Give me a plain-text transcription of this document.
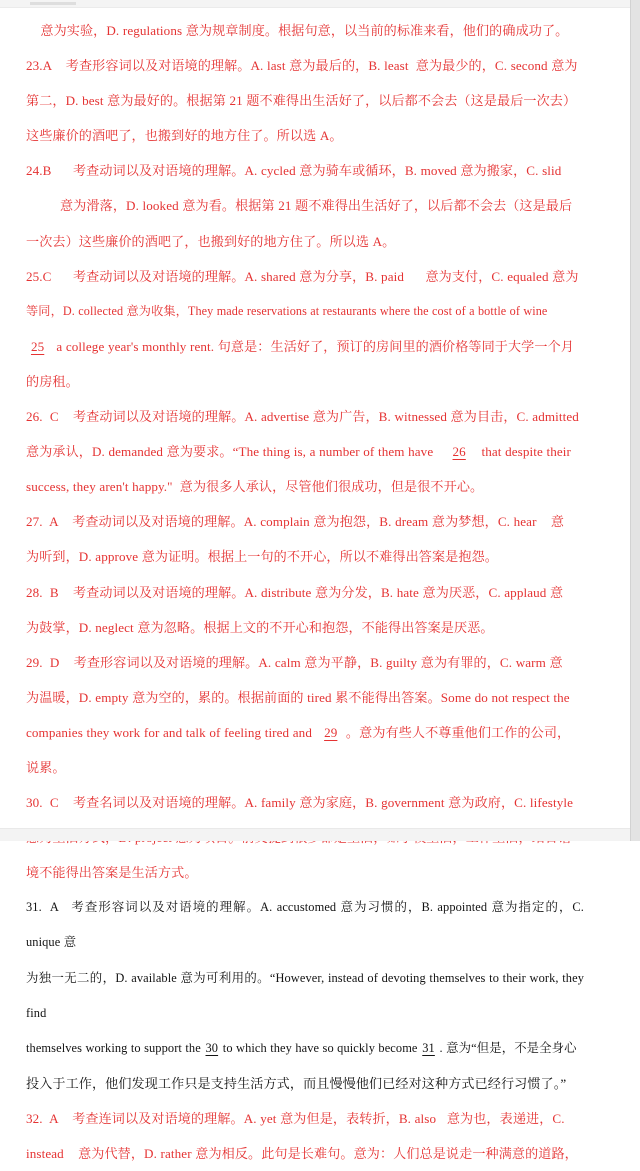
意为实验，D. regulations 意为规章制度。根据句意，以当前的标准来看，他们的确成功了。

23.A    考查形容词以及对语境的理解。A. last 意为最后的，B. least  意为最少的，C. second 意为

第二，D. best 意为最好的。根据第 21 题不难得出生活好了，以后都不会去（这是最后一次去）

这些廉价的酒吧了，也搬到好的地方住了。所以选 A。

24.B      考查动词以及对语境的理解。A. cycled 意为骑车或循环，B. moved 意为搬家，C. slid

意为滑落，D. looked 意为看。根据第 21 题不难得出生活好了，以后都不会去（这是最后

一次去）这些廉价的酒吧了，也搬到好的地方住了。所以选 A。

25.C      考查动词以及对语境的理解。A. shared 意为分享，B. paid      意为支付，C. equaled 意为

等同，D. collected 意为收集，They made reservations at restaurants where the cost of a bottle of wine

25  a college year's monthly rent. 句意是：生活好了，预订的房间里的酒价格等同于大学一个月

的房租。

26.  C    考查动词以及对语境的理解。A. advertise 意为广告，B. witnessed 意为目击，C. admitted

意为承认，D. demanded 意为要求。“The thing is, a number of them have    26   that despite their

success, they aren't happy."  意为很多人承认，尽管他们很成功，但是很不开心。

27.  A    考查动词以及对语境的理解。A. complain 意为抱怨，B. dream 意为梦想，C. hear    意

为听到，D. approve 意为证明。根据上一句的不开心，所以不难得出答案是抱怨。

28.  B    考查动词以及对语境的理解。A. distribute 意为分发，B. hate 意为厌恶，C. applaud 意

为鼓掌，D. neglect 意为忽略。根据上文的不开心和抱怨，不能得出答案是厌恶。

29.  D    考查形容词以及对语境的理解。A. calm 意为平静，B. guilty 意为有罪的，C. warm 意

为温暖，D. empty 意为空的，累的。根据前面的 tired 累不能得出答案。Some do not respect the

companies they work for and talk of feeling tired and  29 。意为有些人不尊重他们工作的公司，

说累。

30.  C    考查名词以及对语境的理解。A. family 意为家庭，B. government 意为政府，C. lifestyle

境不能得出答案是生活方式。

31.  A   考查形容词以及对语境的理解。A. accustomed 意为习惯的，B. appointed 意为指定的，C. unique 意

为独一无二的，D. available 意为可利用的。“However, instead of devoting themselves to their work, they find

themselves working to support the 30 to which they have so quickly become 31 . 意为“但是，不是全身心

投入于工作，他们发现工作只是支持生活方式，而且慢慢他们已经对这种方式已经行习惯了。”

32.  A    考查连词以及对语境的理解。A. yet 意为但是，表转折，B. also   意为也，表递进，C.

instead    意为代替，D. rather 意为相反。此句是长难句。意为：人们总是说走一种满意的道路，
